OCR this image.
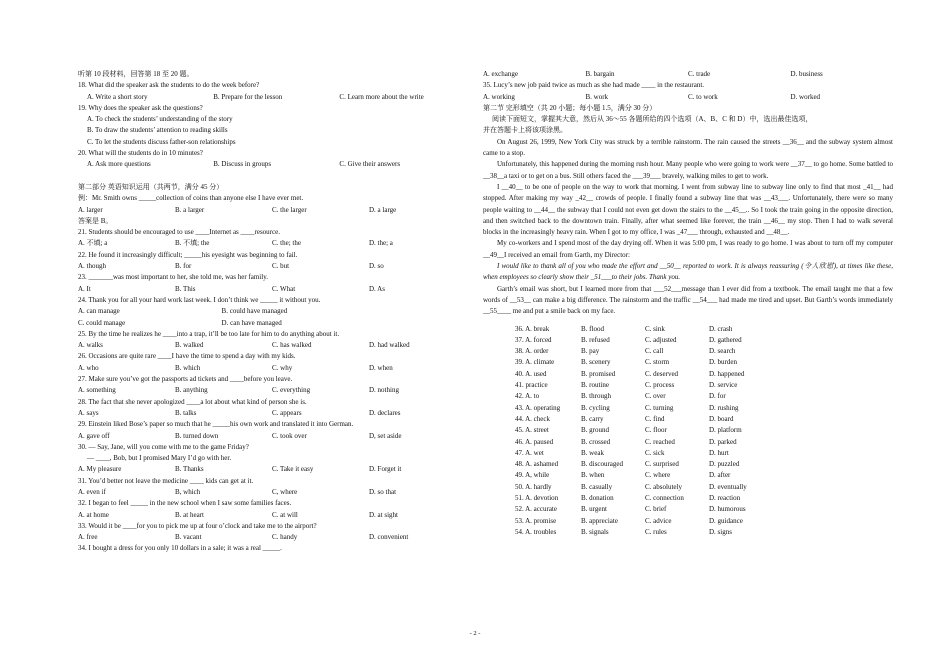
听第 10 段材料，回答第 18 至 20 题。
18. What did the speaker ask the students to do the week before?
A. Write a short story	B. Prepare for the lesson	C. Learn more about the write
19. Why does the speaker ask the questions?
A. To check the students’ understanding of the story
B. To draw the students’ attention to reading skills
C. To let the students discuss father-son relationships
20. What will the students do in 10 minutes?
A. Ask more questions	B. Discuss in groups	C. Give their answers
第二部分 英语知识运用（共两节，满分 45 分）
例：Mr. Smith owns _____collection of coins than anyone else I have ever met.
A. larger	B. a larger	C. the larger	D. a large
答案是 B。
21. Students should be encouraged to use ____Internet as ____resource.
A. 不填; a	B. 不填; the	C. the; the	D. the; a
22. He found it increasingly difficult; _____his eyesight was beginning to fail.
A. though	B. for	C. but	D. so
23. _______was most important to her, she told me, was her family.
A. It	B. This	C. What	D. As
24. Thank you for all your hard work last week. I don’t think we _____ it without you.
A. can manage	B. could have managed
C. could manage	D. can have managed
25. By the time he realizes he ____into a trap, it’ll be too late for him to do anything about it.
A. walks	B. walked	C. has walked	D. had walked
26. Occasions are quite rare ____I have the time to spend a day with my kids.
A. who	B. which	C. why	D. when
27. Make sure you’ve got the passports ad tickets and ____before you leave.
A. something	B. anything	C. everything	D. nothing
28. The fact that she never apologized ____a lot about what kind of person she is.
A. says	B. talks	C. appears	D. declares
29. Einstein liked Bose’s paper so much that he _____his own work and translated it into German.
A. gave off	B. turned down	C. took over	D, set aside
30. — Say, Jane, will you come with me to the game Friday?
— ____, Bob, but I promised Mary I’d go with her.
A. My pleasure	B. Thanks	C. Take it easy	D. Forget it
31. You’d better not leave the medicine ____ kids can get at it.
A. even if	B, which	C, where	D. so that
32. I began to feel _____ in the new school when I saw some families faces.
A. at home	B. at heart	C. at will	D. at sight
33. Would it be ____for you to pick me up at four o’clock and take me to the airport?
A. free	B. vacant	C. handy	D. convenient
34. I bought a dress for you only 10 dollars in a sale; it was a real _____.
A. exchange	B. bargain	C. trade	D. business
35. Lucy’s new job paid twice as much as she had made ____ in the restaurant.
A. working	B. work	C. to work	D. worked
第二节 完形填空（共 20 小题；每小题 1.5，满分 30 分）
阅读下面短文，掌握其大意，然后从 36～55 各题所给的四个选项（A、B、C 和 D）中，选出最佳选项，
并在答题卡上将该项涂黑。
On August 26, 1999, New York City was struck by a terrible rainstorm. The rain caused the streets __36__ and the subway system almost came to a stop.
Unfortunately, this happened during the morning rush hour. Many people who were going to work were __37__ to go home. Some battled to __38__a taxi or to get on a bus. Still others faced the ___39___ bravely, walking miles to get to work.
I __40__ to be one of people on the way to work that morning. I went from subway line to subway line only to find that most _41__ had stopped. After making my way _42__ crowds of people. I finally found a subway line that was __43___. Unfortunately, there were so many people waiting to __44__ the subway that I could not even get down the stairs to the __45__.. So I took the train going in the opposite direction, and then switched back to the downtown train. Finally, after what seemed like forever, the train __46__ my stop. Then I had to walk several blocks in the increasingly heavy rain. When I got to my office, I was _47___ through, exhausted and __48__.
My co-workers and I spend most of the day drying off. When it was 5:00 pm, I was ready to go home. I was about to turn off my computer __49__I received an email from Garth, my Director:
I would like to thank all of you who made the effort and __50__ reported to work. It is always reassuring (令人欣慰), at times like these, when employees so clearly show their _51___to their jobs. Thank you.
Garth’s email was short, but I learned more from that ___52___message than I ever did from a textbook. The email taught me that a few words of __53__ can make a big difference. The rainstorm and the traffic __54___ had made me tired and upset. But Garth’s words immediately __55____ me and put a smile back on my face.
36. A. break	B. flood	C. sink	D. crash
37. A. forced	B. refused	C. adjusted	D. gathered
38. A. order	B. pay	C. call	D. search
39. A. climate	B. scenery	C. storm	D. burden
40. A. used	B. promised	C. deserved	D. happened
41. practice	B. routine	C. process	D. service
42. A. to	B. through	C. over	D. for
43. A. operating	B. cycling	C. turning	D. rushing
44. A. check	B. carry	C. find	D. board
45. A. street	B. ground	C. floor	D. platform
46. A. paused	B. crossed	C. reached	D. parked
47. A. wet	B. weak	C. sick	D. hurt
48. A. ashamed	B. discouraged	C. surprised	D. puzzled
49. A, while	B. when	C. where	D. after
50. A. hardly	B. casually	C. absolutely	D. eventually
51. A. devotion	B. donation	C. connection	D. reaction
52. A. accurate	B. urgent	C. brief	D. humorous
53. A. promise	B. appreciate	C. advice	D. guidance
54. A. troubles	B. signals	C. rules	D. signs
- 2 -
